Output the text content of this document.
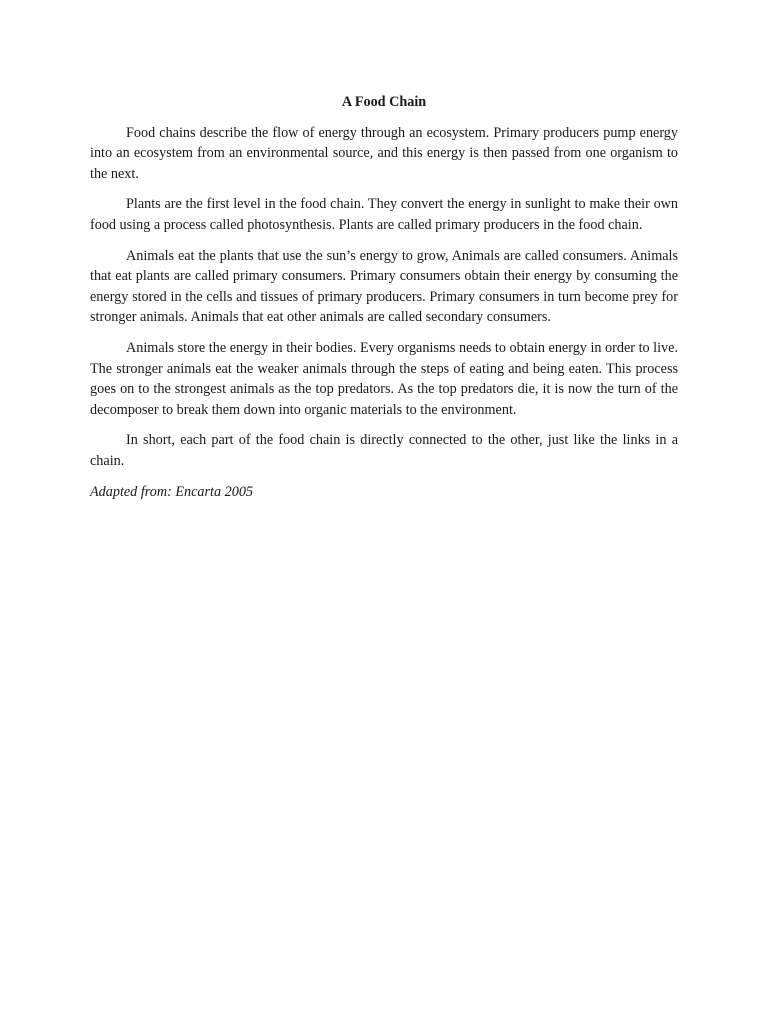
A Food Chain

Food chains describe the flow of energy through an ecosystem. Primary producers pump energy into an ecosystem from an environmental source, and this energy is then passed from one organism to the next.

Plants are the first level in the food chain. They convert the energy in sunlight to make their own food using a process called photosynthesis. Plants are called primary producers in the food chain.

Animals eat the plants that use the sun’s energy to grow, Animals are called consumers. Animals that eat plants are called primary consumers. Primary consumers obtain their energy by consuming the energy stored in the cells and tissues of primary producers. Primary consumers in turn become prey for stronger animals. Animals that eat other animals are called secondary consumers.

Animals store the energy in their bodies. Every organisms needs to obtain energy in order to live. The stronger animals eat the weaker animals through the steps of eating and being eaten. This process goes on to the strongest animals as the top predators. As the top predators die, it is now the turn of the decomposer to break them down into organic materials to the environment.

In short, each part of the food chain is directly connected to the other, just like the links in a chain.

Adapted from: Encarta 2005
